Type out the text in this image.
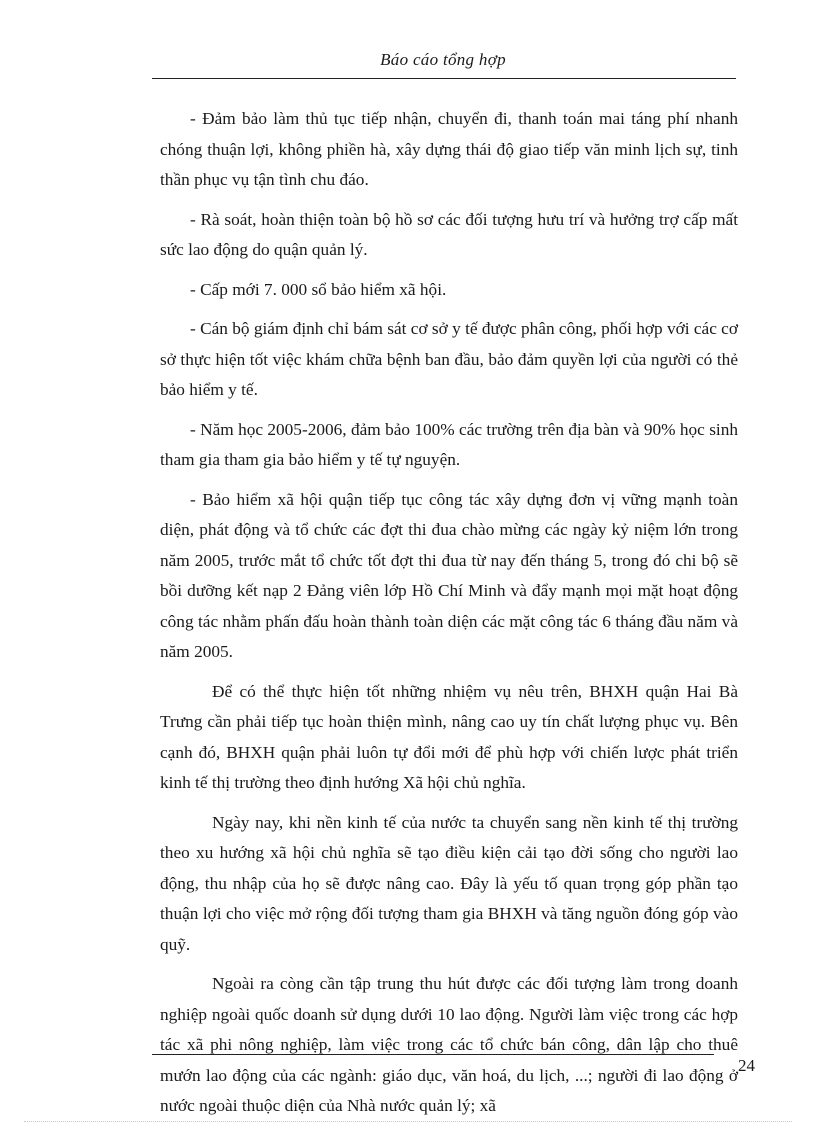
Báo cáo tổng hợp

- Đảm bảo làm thủ tục tiếp nhận, chuyển đi, thanh toán mai táng phí nhanh chóng thuận lợi, không phiền hà, xây dựng thái độ giao tiếp văn minh lịch sự, tinh thần phục vụ tận tình chu đáo.

- Rà soát, hoàn thiện toàn bộ hồ sơ các đối tượng hưu trí và hưởng trợ cấp mất sức lao động do quận quản lý.

- Cấp mới 7. 000 sổ bảo hiểm xã hội.

- Cán bộ giám định chỉ bám sát cơ sở y tế được phân công, phối hợp với các cơ sở thực hiện tốt việc khám chữa bệnh ban đầu, bảo đảm quyền lợi của người có thẻ bảo hiểm y tế.

- Năm học 2005-2006, đảm bảo 100% các trường trên địa bàn và 90% học sinh tham gia tham gia bảo hiểm y tế tự nguyện.

- Bảo hiểm xã hội quận tiếp tục công tác xây dựng đơn vị vững mạnh toàn diện, phát động và tổ chức các đợt thi đua chào mừng các ngày kỷ niệm lớn trong năm 2005, trước mắt tổ chức tốt đợt thi đua từ nay đến tháng 5, trong đó chi bộ sẽ bồi dưỡng kết nạp 2 Đảng viên lớp Hồ Chí Minh và đẩy mạnh mọi mặt hoạt động công tác nhằm phấn đấu hoàn thành toàn diện các mặt công tác 6 tháng đầu năm và năm 2005.

Để có thể thực hiện tốt những nhiệm vụ nêu trên, BHXH quận Hai Bà Trưng cần phải tiếp tục hoàn thiện mình, nâng cao uy tín chất lượng phục vụ. Bên cạnh đó, BHXH quận phải luôn tự đổi mới để phù hợp với chiến lược phát triển kinh tế thị trường theo định hướng Xã hội chủ nghĩa.

Ngày nay, khi nền kinh tế của nước ta chuyển sang nền kinh tế thị trường theo xu hướng xã hội chủ nghĩa sẽ tạo điều kiện cải tạo đời sống cho người lao động, thu nhập của họ sẽ được nâng cao. Đây là yếu tố quan trọng góp phần tạo thuận lợi cho việc mở rộng đối tượng tham gia BHXH và tăng nguồn đóng góp vào quỹ.

Ngoài ra còng cần tập trung thu hút được các đối tượng làm trong doanh nghiệp ngoài quốc doanh sử dụng dưới 10 lao động. Người làm việc trong các hợp tác xã phi nông nghiệp, làm việc trong các tổ chức bán công, dân lập cho thuê mướn lao động của các ngành: giáo dục, văn hoá, du lịch, ...; người đi lao động ở nước ngoài thuộc diện của Nhà nước quản lý; xã

24
